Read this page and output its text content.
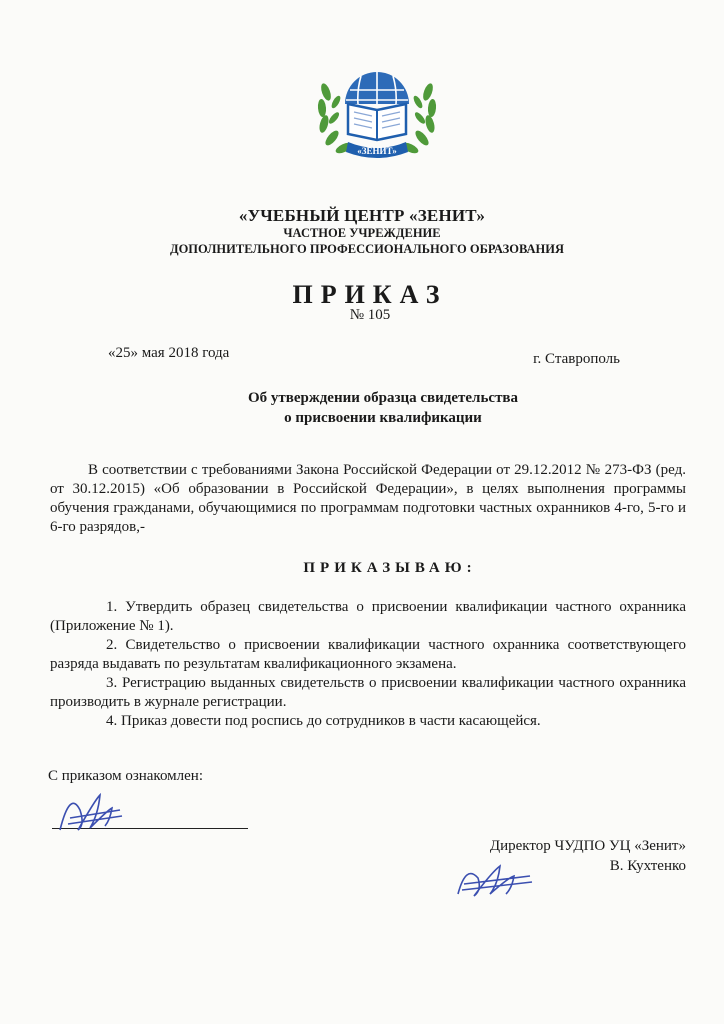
«ЗЕНИТ»
«УЧЕБНЫЙ ЦЕНТР «ЗЕНИТ»
ЧАСТНОЕ УЧРЕЖДЕНИЕ
ДОПОЛНИТЕЛЬНОГО ПРОФЕССИОНАЛЬНОГО ОБРАЗОВАНИЯ
ПРИКАЗ
№ 105
«25» мая 2018 года	г. Ставрополь
Об утверждении образца свидетельства
о присвоении квалификации
В соответствии с требованиями Закона Российской Федерации от 29.12.2012 № 273-ФЗ (ред. от 30.12.2015) «Об образовании в Российской Федерации», в целях выполнения программы обучения гражданами, обучающимися по программам подготовки частных охранников 4-го, 5-го и 6-го разрядов,-
ПРИКАЗЫВАЮ:
1. Утвердить образец свидетельства о присвоении квалификации частного охранника (Приложение № 1).
2. Свидетельство о присвоении квалификации частного охранника соответствующего разряда выдавать по результатам квалификационного экзамена.
3. Регистрацию выданных свидетельств о присвоении квалификации частного охранника производить в журнале регистрации.
4. Приказ довести под роспись до сотрудников в части касающейся.
С приказом ознакомлен:
Директор ЧУДПО УЦ «Зенит»
В. Кухтенко
